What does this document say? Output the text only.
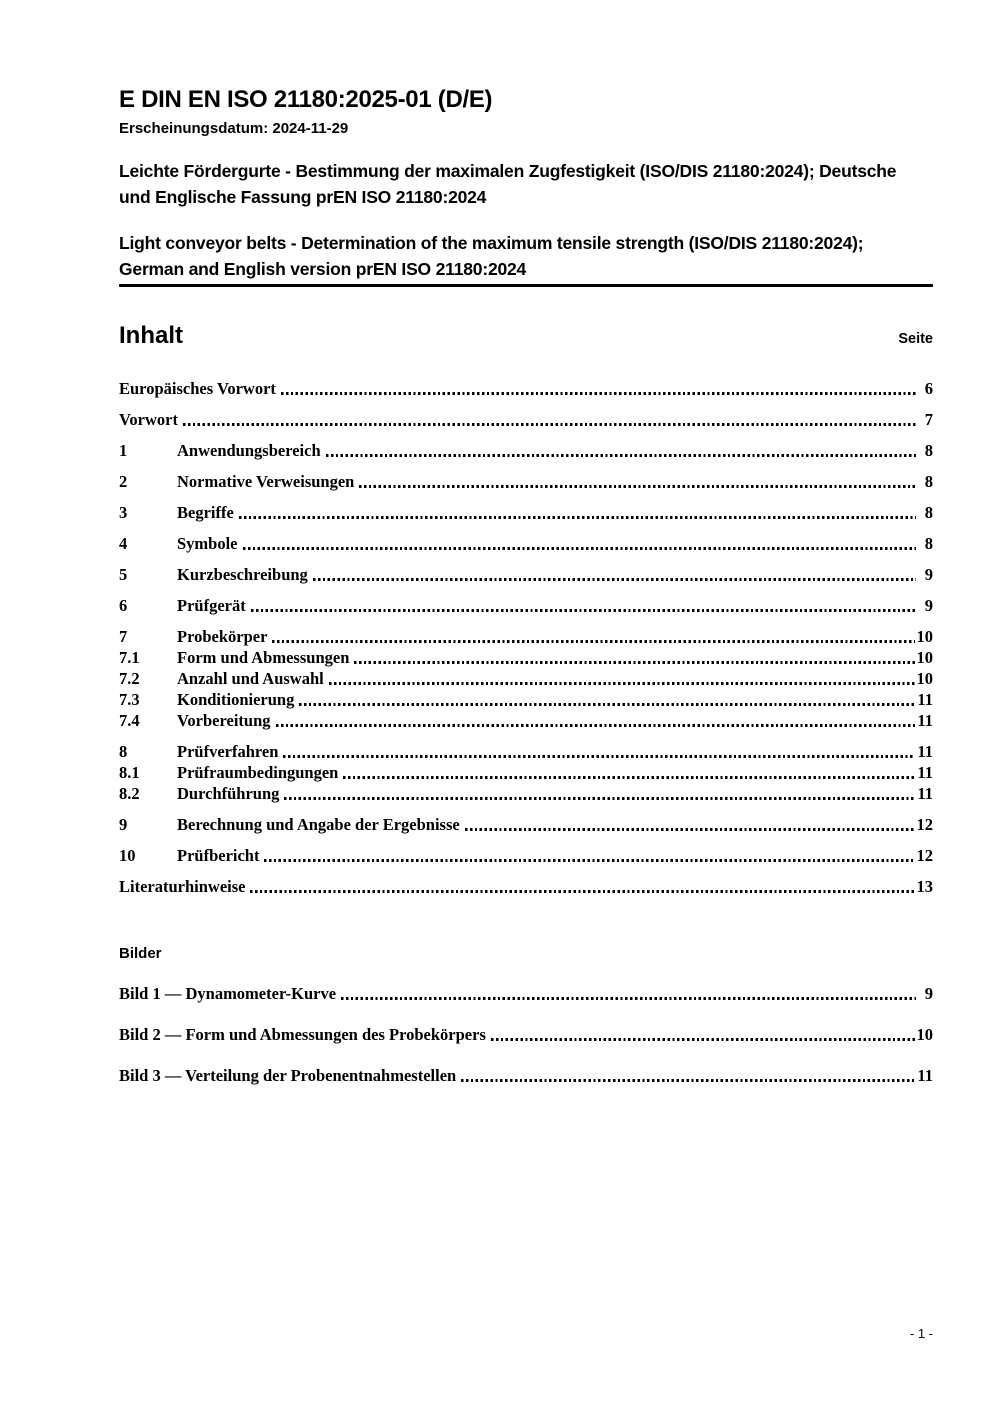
E DIN EN ISO 21180:2025-01 (D/E)
Erscheinungsdatum: 2024-11-29

Leichte Fördergurte - Bestimmung der maximalen Zugfestigkeit (ISO/DIS 21180:2024); Deutsche und Englische Fassung prEN ISO 21180:2024

Light conveyor belts - Determination of the maximum tensile strength (ISO/DIS 21180:2024); German and English version prEN ISO 21180:2024

Inhalt	Seite
Europäisches Vorwort	6
Vorwort	7
1	Anwendungsbereich	8
2	Normative Verweisungen	8
3	Begriffe	8
4	Symbole	8
5	Kurzbeschreibung	9
6	Prüfgerät	9
7	Probekörper	10
7.1	Form und Abmessungen	10
7.2	Anzahl und Auswahl	10
7.3	Konditionierung	11
7.4	Vorbereitung	11
8	Prüfverfahren	11
8.1	Prüfraumbedingungen	11
8.2	Durchführung	11
9	Berechnung und Angabe der Ergebnisse	12
10	Prüfbericht	12
Literaturhinweise	13
Bilder
Bild 1 — Dynamometer-Kurve	9
Bild 2 — Form und Abmessungen des Probekörpers	10
Bild 3 — Verteilung der Probenentnahmestellen	11
- 1 -
